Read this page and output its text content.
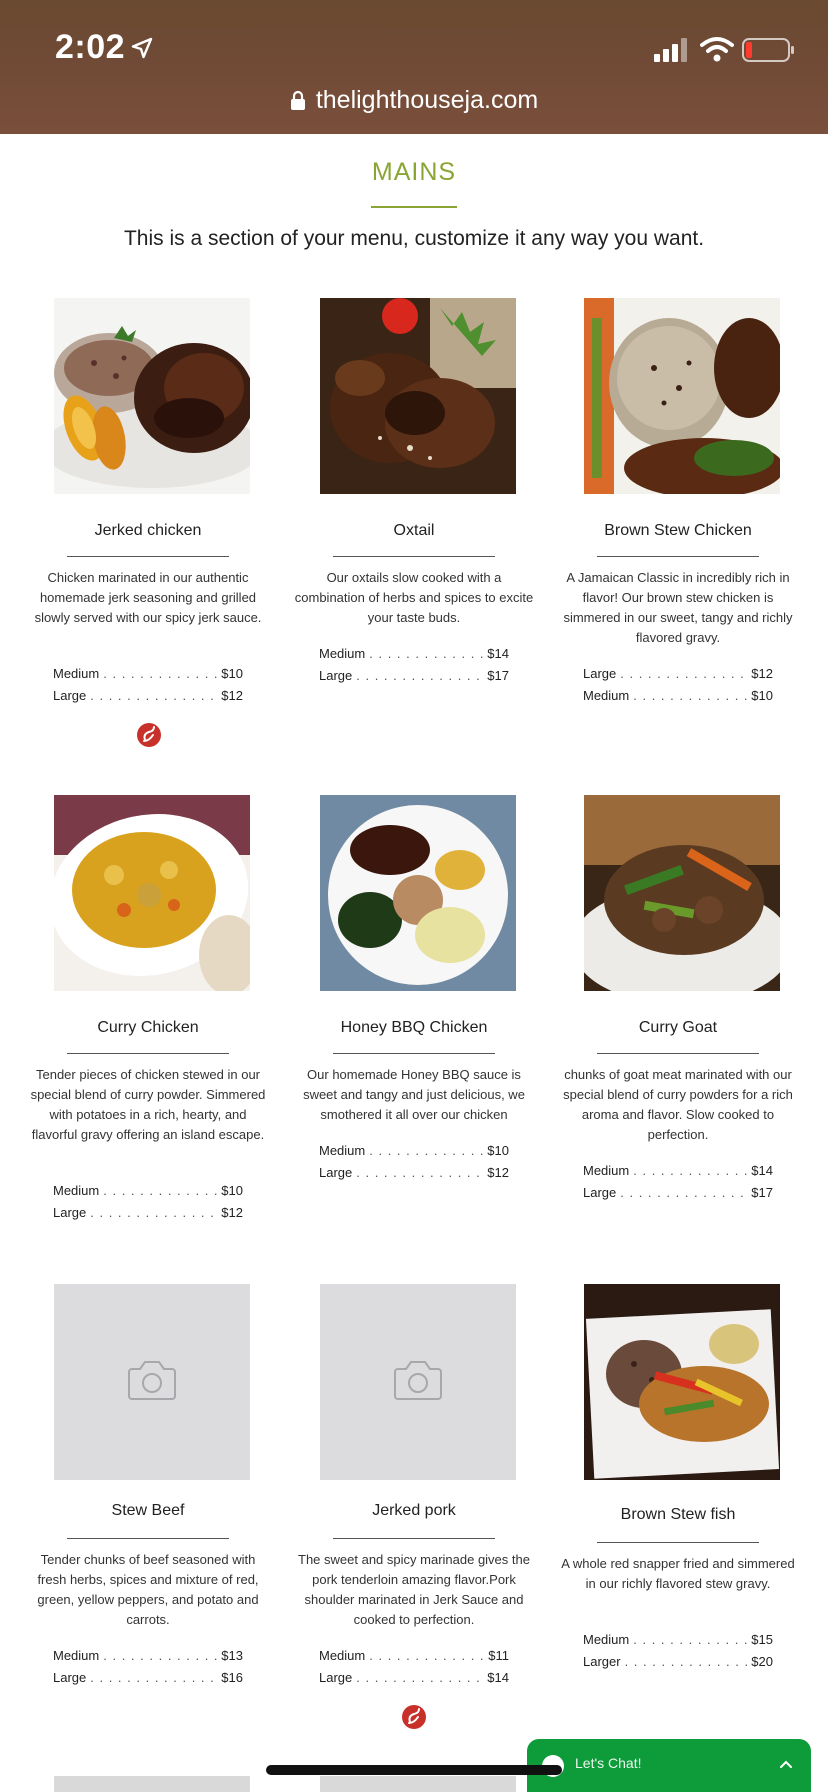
2:02
thelighthouseja.com
MAINS
This is a section of your menu, customize it any way you want.
Jerked chicken
Chicken marinated in our authentic homemade jerk seasoning and grilled slowly served with our spicy jerk sauce.
Medium . . .	$10
Large . . .	$12
Oxtail
Our oxtails slow cooked with a combination of herbs and spices to excite your taste buds.
Medium . . .	$14
Large . . .	$17
Brown Stew Chicken
A Jamaican Classic in incredibly rich in flavor! Our brown stew chicken is simmered in our sweet, tangy and richly flavored gravy.
Large . . .	$12
Medium . . .	$10
Curry Chicken
Tender pieces of chicken stewed in our special blend of curry powder. Simmered with potatoes in a rich, hearty, and flavorful gravy offering an island escape.
Medium . . .	$10
Large . . .	$12
Honey BBQ Chicken
Our homemade Honey BBQ sauce is sweet and tangy and just delicious, we smothered it all over our chicken
Medium . . .	$10
Large . . .	$12
Curry Goat
chunks of goat meat marinated with our special blend of curry powders for a rich aroma and flavor. Slow cooked to perfection.
Medium . . .	$14
Large . . .	$17
Stew Beef
Tender chunks of beef seasoned with fresh herbs, spices and mixture of red, green, yellow peppers, and potato and carrots.
Medium . . .	$13
Large . . .	$16
Jerked pork
The sweet and spicy marinade gives the pork tenderloin amazing flavor.Pork shoulder marinated in Jerk Sauce and cooked to perfection.
Medium . . .	$11
Large . . .	$14
Brown Stew fish
A whole red snapper fried and simmered in our richly flavored stew gravy.
Medium . . .	$15
Larger . . .	$20
Let's Chat!
